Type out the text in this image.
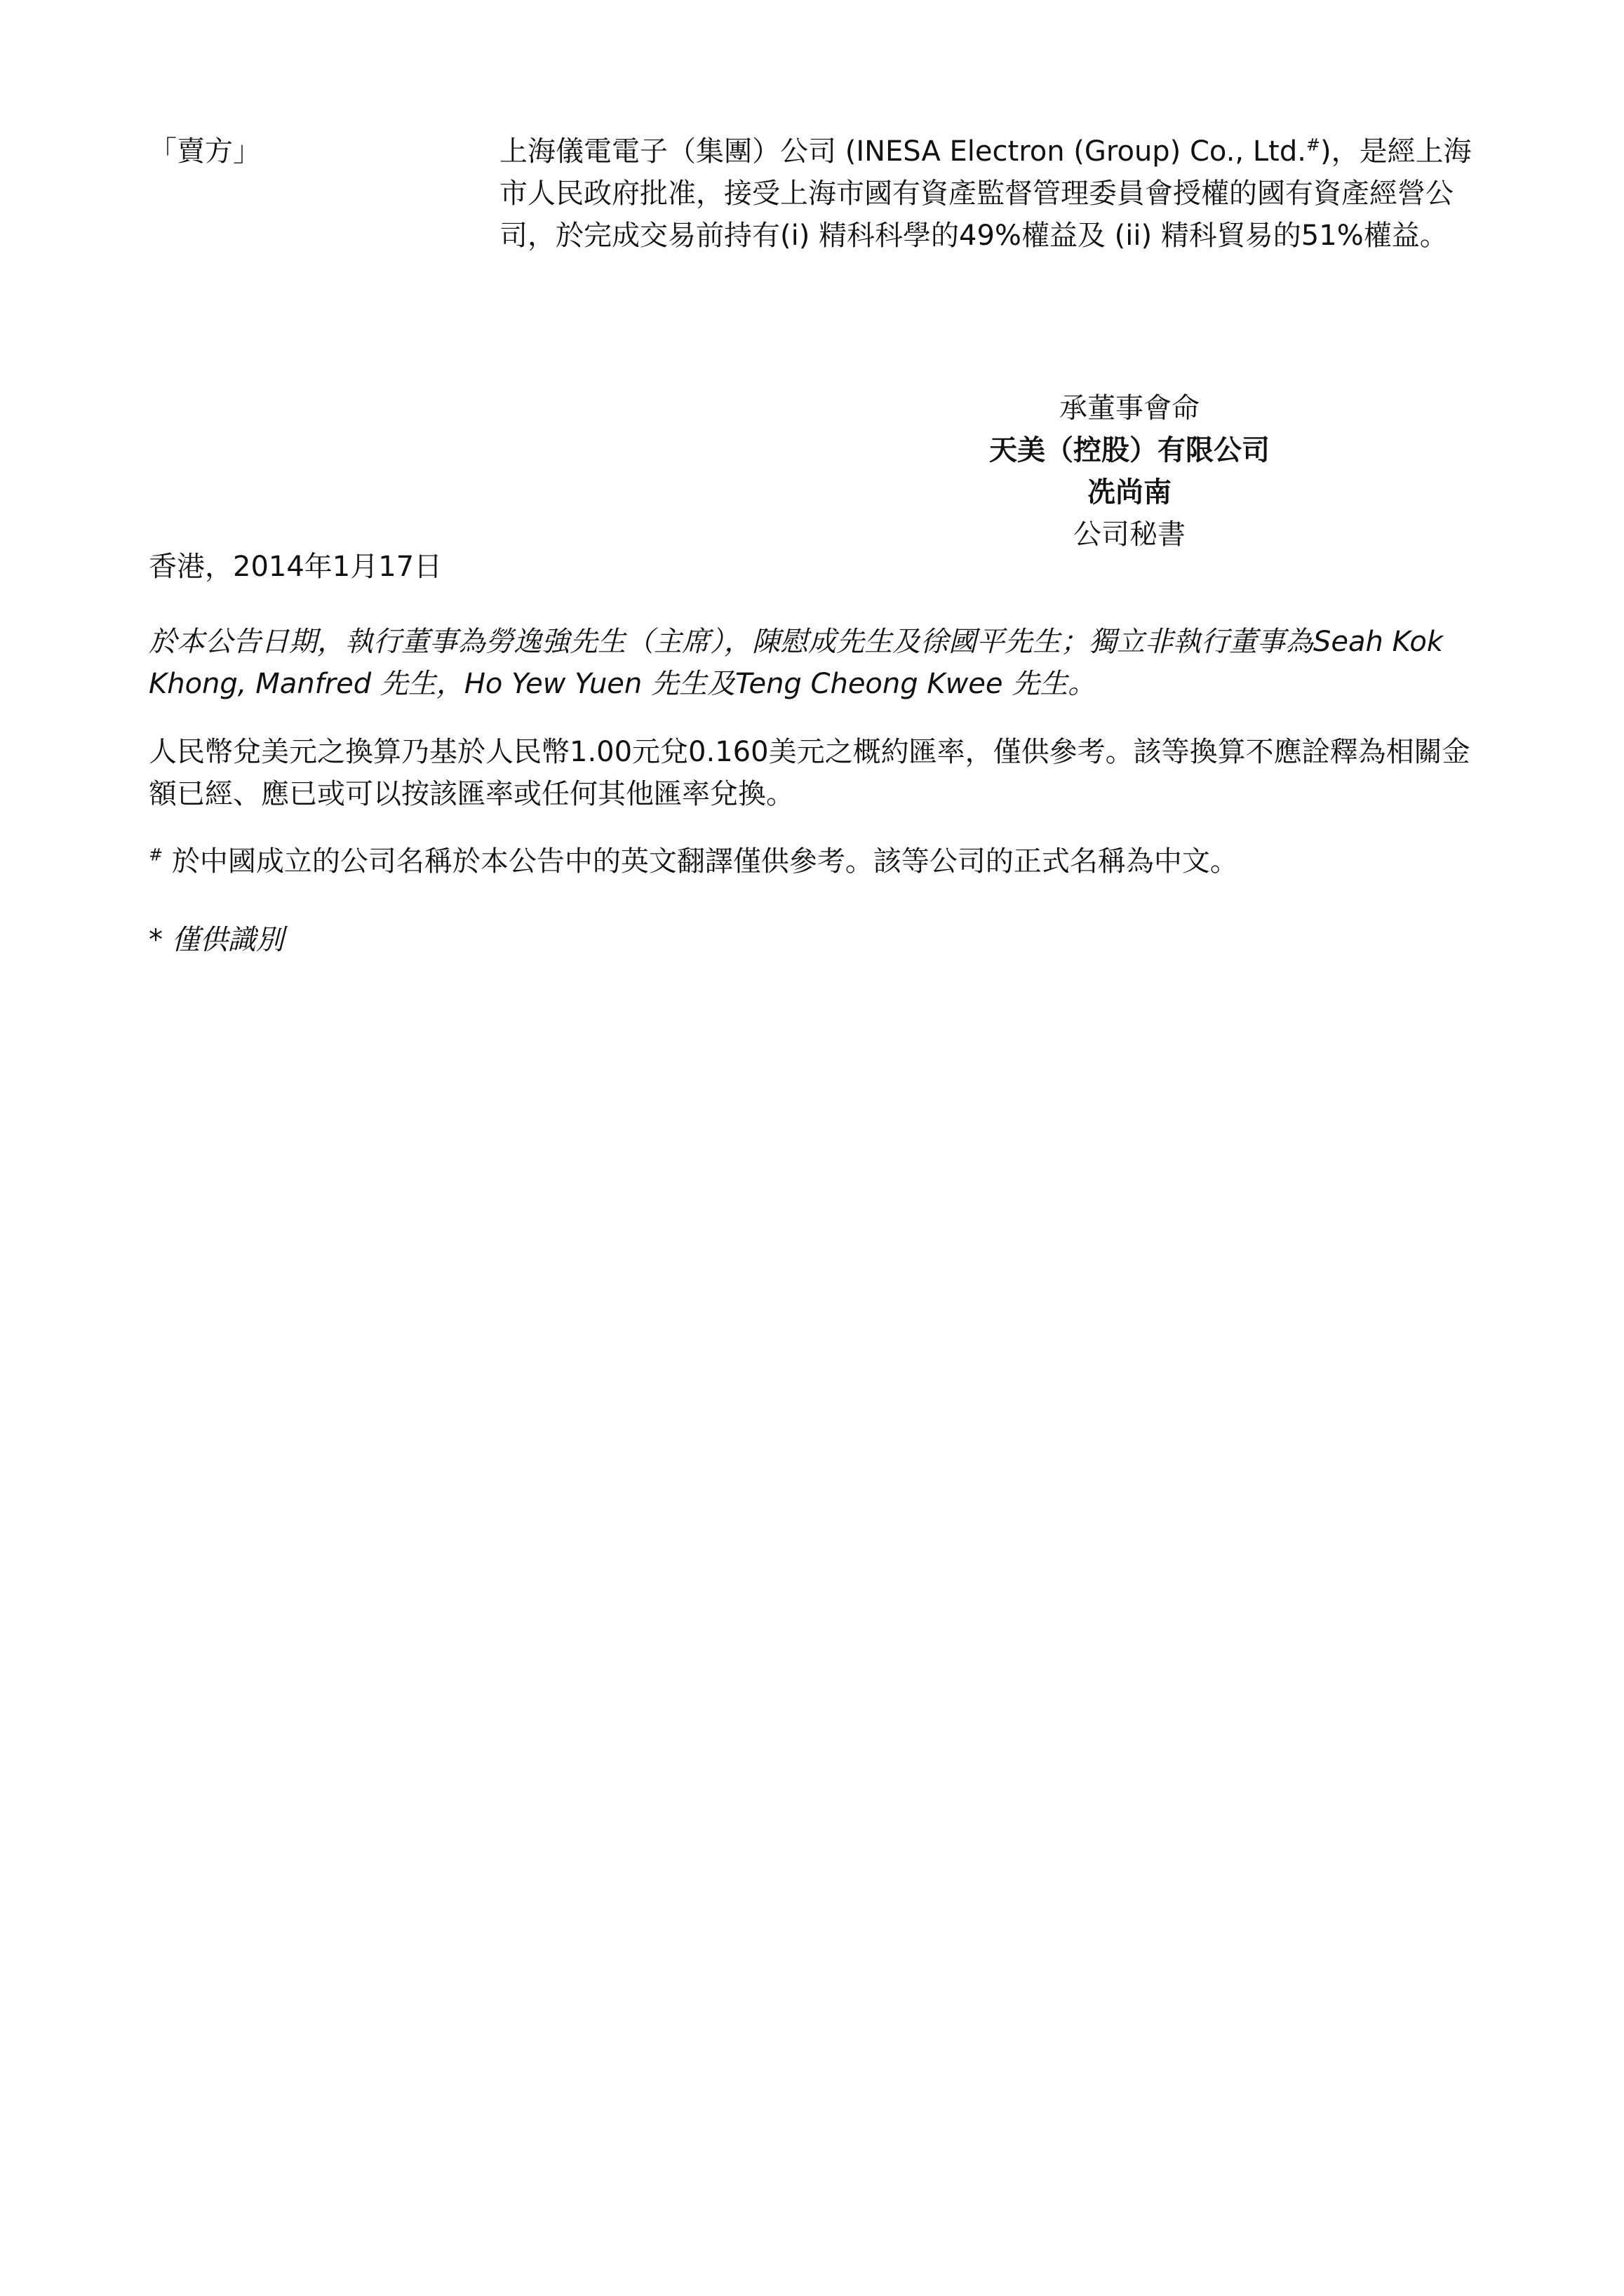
「賣方」	上海儀電電子（集團）公司 (INESA Electron (Group) Co., Ltd.#)，是經上海市人民政府批准，接受上海市國有資產監督管理委員會授權的國有資產經營公司，於完成交易前持有(i) 精科科學的49%權益及 (ii) 精科貿易的51%權益。
承董事會命
天美（控股）有限公司
冼尚南
公司秘書
香港，2014年1月17日
於本公告日期，執行董事為勞逸強先生（主席），陳慰成先生及徐國平先生；獨立非執行董事為Seah Kok Khong, Manfred 先生，Ho Yew Yuen 先生及Teng Cheong Kwee 先生。
人民幣兌美元之換算乃基於人民幣1.00元兌0.160美元之概約匯率，僅供參考。該等換算不應詮釋為相關金額已經、應已或可以按該匯率或任何其他匯率兌換。
# 於中國成立的公司名稱於本公告中的英文翻譯僅供參考。該等公司的正式名稱為中文。
* 僅供識別
